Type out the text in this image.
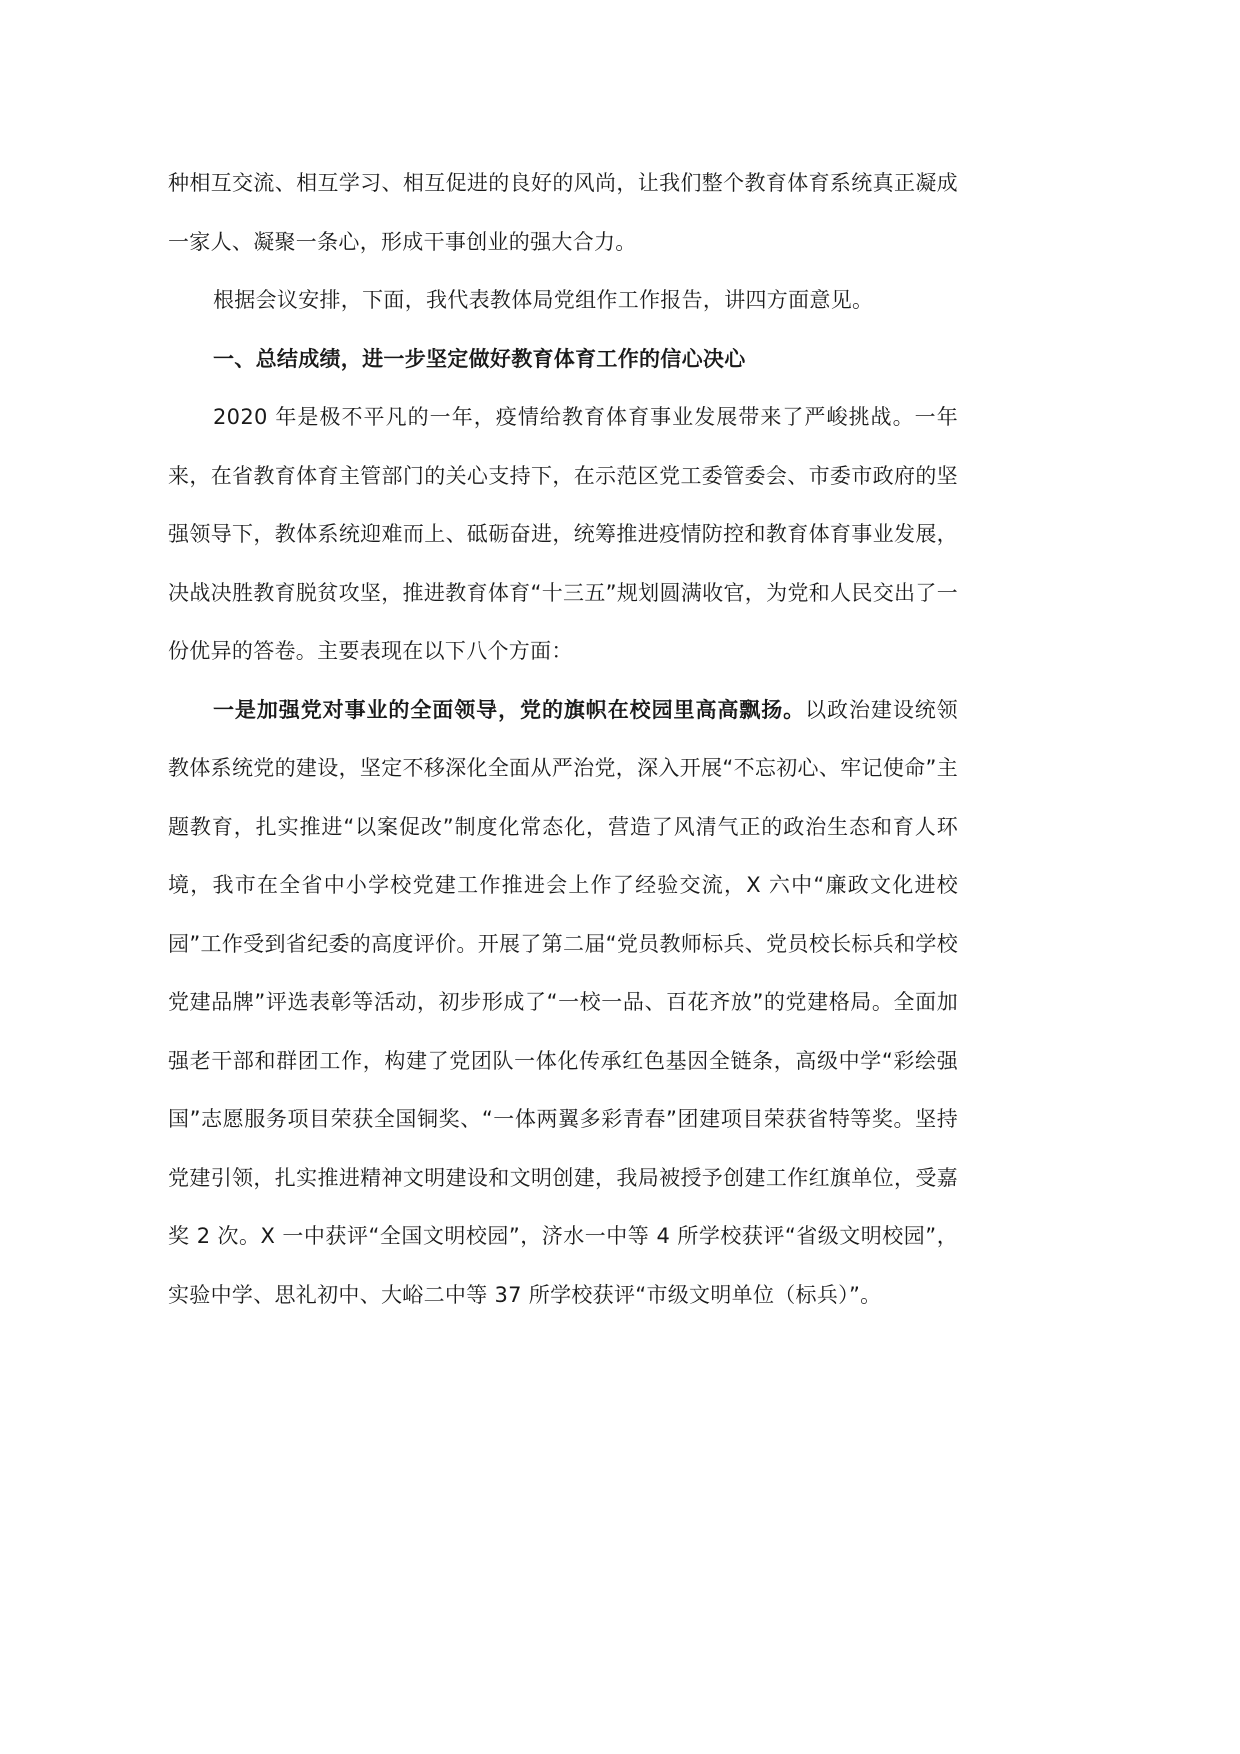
种相互交流、相互学习、相互促进的良好的风尚，让我们整个教育体育系统真正凝成一家人、凝聚一条心，形成干事创业的强大合力。

根据会议安排，下面，我代表教体局党组作工作报告，讲四方面意见。

一、总结成绩，进一步坚定做好教育体育工作的信心决心

2020 年是极不平凡的一年，疫情给教育体育事业发展带来了严峻挑战。一年来，在省教育体育主管部门的关心支持下，在示范区党工委管委会、市委市政府的坚强领导下，教体系统迎难而上、砥砺奋进，统筹推进疫情防控和教育体育事业发展，决战决胜教育脱贫攻坚，推进教育体育“十三五”规划圆满收官，为党和人民交出了一份优异的答卷。主要表现在以下八个方面：

一是加强党对事业的全面领导，党的旗帜在校园里高高飘扬。以政治建设统领教体系统党的建设，坚定不移深化全面从严治党，深入开展“不忘初心、牢记使命”主题教育，扎实推进“以案促改”制度化常态化，营造了风清气正的政治生态和育人环境，我市在全省中小学校党建工作推进会上作了经验交流，X 六中“廉政文化进校园”工作受到省纪委的高度评价。开展了第二届“党员教师标兵、党员校长标兵和学校党建品牌”评选表彰等活动，初步形成了“一校一品、百花齐放”的党建格局。全面加强老干部和群团工作，构建了党团队一体化传承红色基因全链条，高级中学“彩绘强国”志愿服务项目荣获全国铜奖、“一体两翼多彩青春”团建项目荣获省特等奖。坚持党建引领，扎实推进精神文明建设和文明创建，我局被授予创建工作红旗单位，受嘉奖 2 次。X 一中获评“全国文明校园”，济水一中等 4 所学校获评“省级文明校园”，实验中学、思礼初中、大峪二中等 37 所学校获评“市级文明单位（标兵）”。
